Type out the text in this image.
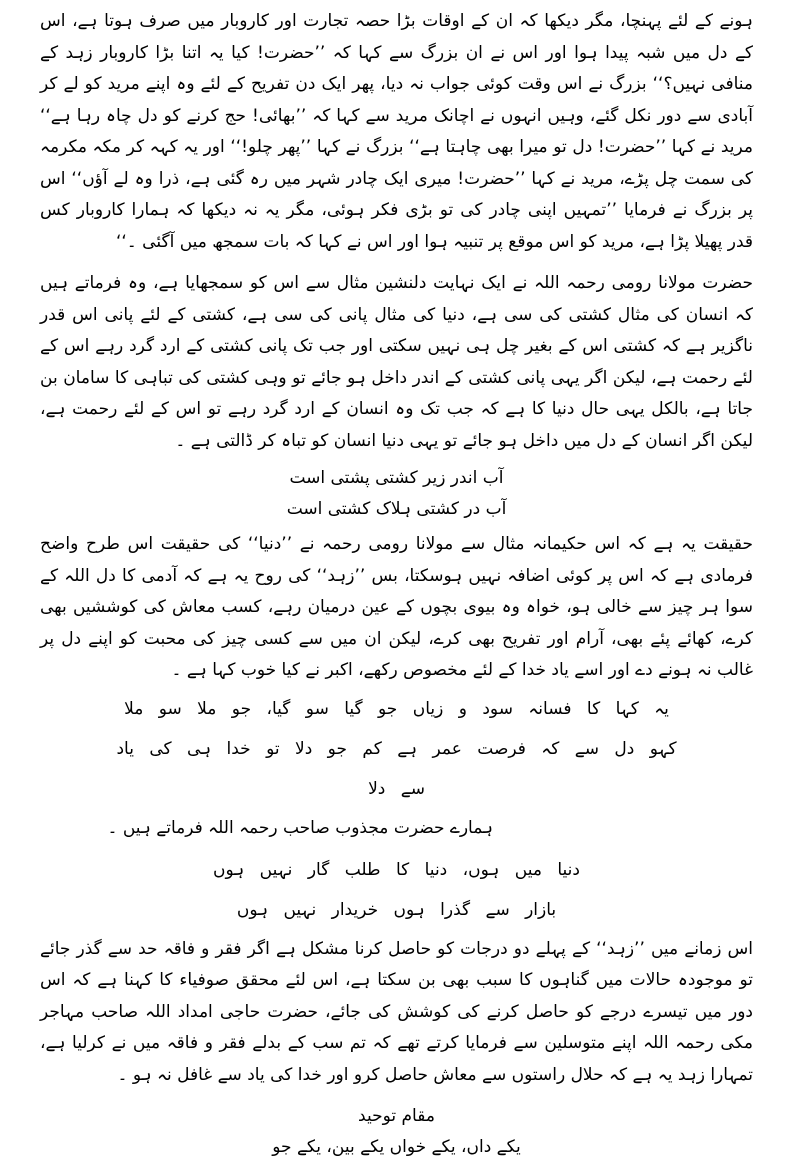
ہونے کے لئے پہنچا، مگر دیکھا کہ ان کے اوقات بڑا حصہ تجارت اور کاروبار میں صرف ہوتا ہے، اس کے دل میں شبہ پیدا ہوا اور اس نے ان بزرگ سے کہا کہ ’’حضرت! کیا یہ اتنا بڑا کاروبار زہد کے منافی نہیں؟‘‘ بزرگ نے اس وقت کوئی جواب نہ دیا، پھر ایک دن تفریح کے لئے وہ اپنے مرید کو لے کر آبادی سے دور نکل گئے، وہیں انہوں نے اچانک مرید سے کہا کہ ’’بھائی! حج کرنے کو دل چاہ رہا ہے‘‘ مرید نے کہا ’’حضرت! دل تو میرا بھی چاہتا ہے‘‘ بزرگ نے کہا ’’پھر چلو!‘‘ اور یہ کہہ کر مکہ مکرمہ کی سمت چل پڑے، مرید نے کہا ’’حضرت! میری ایک چادر شہر میں رہ گئی ہے، ذرا وہ لے آؤں‘‘ اس پر بزرگ نے فرمایا ’’تمہیں اپنی چادر کی تو بڑی فکر ہوئی، مگر یہ نہ دیکھا کہ ہمارا کاروبار کس قدر پھیلا پڑا ہے، مرید کو اس موقع پر تنبیہ ہوا اور اس نے کہا کہ بات سمجھ میں آگئی ۔‘‘

حضرت مولانا رومی رحمہ اللہ نے ایک نہایت دلنشین مثال سے اس کو سمجھایا ہے، وہ فرماتے ہیں کہ انسان کی مثال کشتی کی سی ہے، دنیا کی مثال پانی کی سی ہے، کشتی کے لئے پانی اس قدر ناگزیر ہے کہ کشتی اس کے بغیر چل ہی نہیں سکتی اور جب تک پانی کشتی کے ارد گرد رہے اس کے لئے رحمت ہے، لیکن اگر یہی پانی کشتی کے اندر داخل ہو جائے تو وہی کشتی کی تباہی کا سامان بن جاتا ہے، بالکل یہی حال دنیا کا ہے کہ جب تک وہ انسان کے ارد گرد رہے تو اس کے لئے رحمت ہے، لیکن اگر انسان کے دل میں داخل ہو جائے تو یہی دنیا انسان کو تباہ کر ڈالتی ہے ۔

آب اندر زیر کشتی پشتی است

آب در کشتی ہلاک کشتی است

حقیقت یہ ہے کہ اس حکیمانہ مثال سے مولانا رومی رحمہ نے ’’دنیا‘‘ کی حقیقت اس طرح واضح فرمادی ہے کہ اس پر کوئی اضافہ نہیں ہوسکتا، بس ’’زہد‘‘ کی روح یہ ہے کہ آدمی کا دل اللہ کے سوا ہر چیز سے خالی ہو، خواہ وہ بیوی بچوں کے عین درمیان رہے، کسب معاش کی کوششیں بھی کرے، کھائے پئے بھی، آرام اور تفریح بھی کرے، لیکن ان میں سے کسی چیز کی محبت کو اپنے دل پر غالب نہ ہونے دے اور اسے یاد خدا کے لئے مخصوص رکھے، اکبر نے کیا خوب کہا ہے ۔

یہ کہا کا فسانہ سود و زیاں جو گیا سو گیا، جو ملا سو ملا

کہو دل سے کہ فرصت عمر ہے کم جو دلا تو خدا ہی کی یاد سے دلا

ہمارے حضرت مجذوب صاحب رحمہ اللہ فرماتے ہیں ۔

دنیا میں ہوں، دنیا کا طلب گار نہیں ہوں

بازار سے گذرا ہوں خریدار نہیں ہوں

اس زمانے میں ’’زہد‘‘ کے پہلے دو درجات کو حاصل کرنا مشکل ہے اگر فقر و فاقہ حد سے گذر جائے تو موجودہ حالات میں گناہوں کا سبب بھی بن سکتا ہے، اس لئے محقق صوفیاء کا کہنا ہے کہ اس دور میں تیسرے درجے کو حاصل کرنے کی کوشش کی جائے، حضرت حاجی امداد اللہ صاحب مہاجر مکی رحمہ اللہ اپنے متوسلین سے فرمایا کرتے تھے کہ تم سب کے بدلے فقر و فاقہ میں نے کرلیا ہے، تمہارا زہد یہ ہے کہ حلال راستوں سے معاش حاصل کرو اور خدا کی یاد سے غافل نہ ہو ۔

مقام توحید

یکے داں، یکے خواں یکے بین، یکے جو
